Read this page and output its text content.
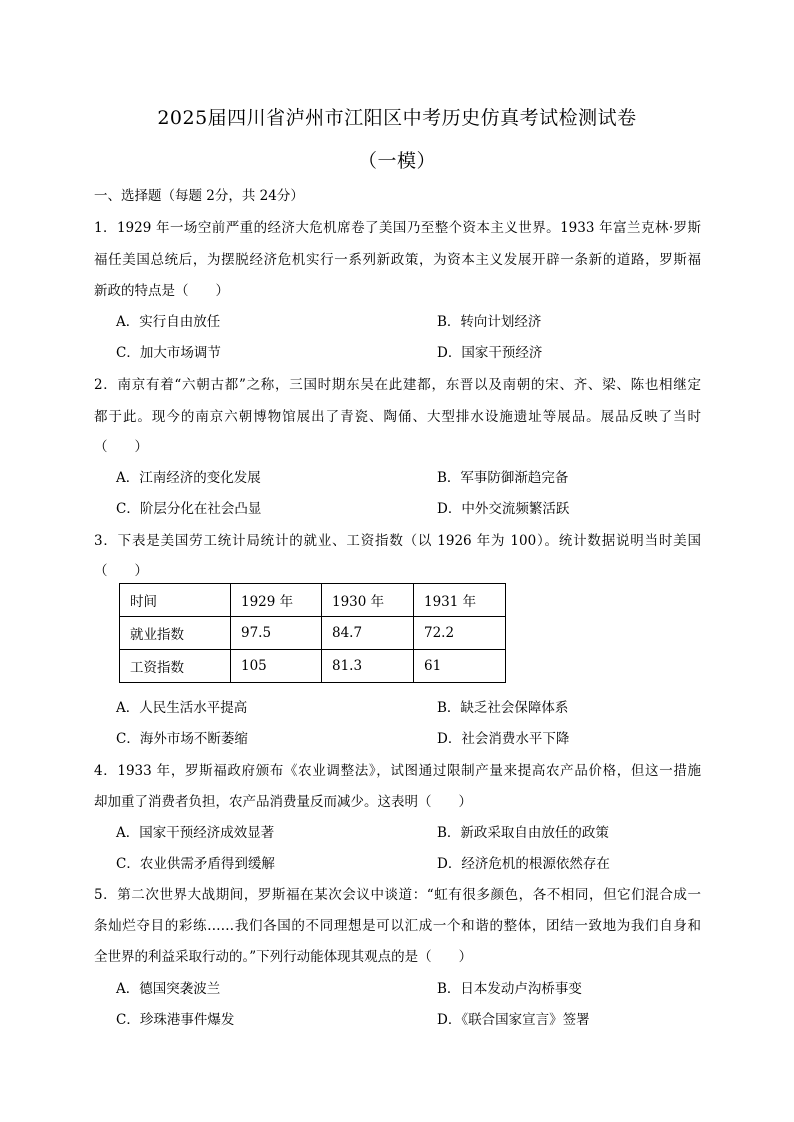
2025届四川省泸州市江阳区中考历史仿真考试检测试卷
（一模）
一、选择题（每题 2分，共 24分）
1．1929 年一场空前严重的经济大危机席卷了美国乃至整个资本主义世界。1933 年富兰克林·罗斯
福任美国总统后，为摆脱经济危机实行一系列新政策，为资本主义发展开辟一条新的道路，罗斯福
新政的特点是（　　）
A．实行自由放任	B．转向计划经济
C．加大市场调节	D．国家干预经济
2．南京有着“六朝古都”之称，三国时期东吴在此建都，东晋以及南朝的宋、齐、梁、陈也相继定
都于此。现今的南京六朝博物馆展出了青瓷、陶俑、大型排水设施遗址等展品。展品反映了当时
（　　）
A．江南经济的变化发展	B．军事防御渐趋完备
C．阶层分化在社会凸显	D．中外交流频繁活跃
3．下表是美国劳工统计局统计的就业、工资指数（以 1926 年为 100）。统计数据说明当时美国
（　　）
时间	1929 年	1930 年	1931 年
就业指数	97.5	84.7	72.2
工资指数	105	81.3	61
A．人民生活水平提高	B．缺乏社会保障体系
C．海外市场不断萎缩	D．社会消费水平下降
4．1933 年，罗斯福政府颁布《农业调整法》，试图通过限制产量来提高农产品价格，但这一措施
却加重了消费者负担，农产品消费量反而减少。这表明（　　）
A．国家干预经济成效显著	B．新政采取自由放任的政策
C．农业供需矛盾得到缓解	D．经济危机的根源依然存在
5．第二次世界大战期间，罗斯福在某次会议中谈道：“虹有很多颜色，各不相同，但它们混合成一
条灿烂夺目的彩练……我们各国的不同理想是可以汇成一个和谐的整体，团结一致地为我们自身和
全世界的利益采取行动的。”下列行动能体现其观点的是（　　）
A．德国突袭波兰	B．日本发动卢沟桥事变
C．珍珠港事件爆发	D．《联合国家宣言》签署
